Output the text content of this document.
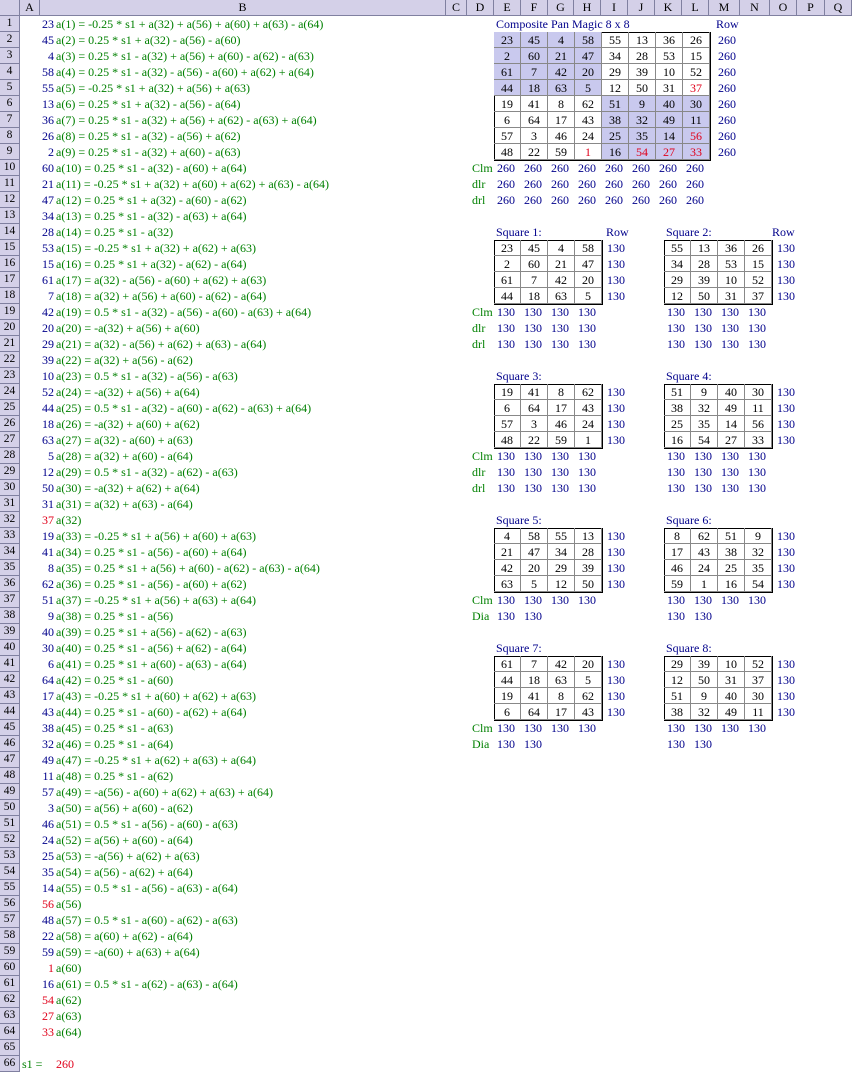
A	B	C	D	E	F	G	H	I	J	K	L	M	N	O	P	Q
1	23 a(1) = -0.25 * s1 + a(32) + a(56) + a(60) + a(63) - a(64)
2	45 a(2) = 0.25 * s1 + a(32) - a(56) - a(60)
3	4 a(3) = 0.25 * s1 - a(32) + a(56) + a(60) - a(62) - a(63)
4	58 a(4) = 0.25 * s1 - a(32) - a(56) - a(60) + a(62) + a(64)
5	55 a(5) = -0.25 * s1 + a(32) + a(56) + a(63)
6	13 a(6) = 0.25 * s1 + a(32) - a(56) - a(64)
7	36 a(7) = 0.25 * s1 - a(32) + a(56) + a(62) - a(63) + a(64)
8	26 a(8) = 0.25 * s1 - a(32) - a(56) + a(62)
9	2 a(9) = 0.25 * s1 - a(32) + a(60) - a(63)
10	60 a(10) = 0.25 * s1 - a(32) - a(60) + a(64)
11	21 a(11) = -0.25 * s1 + a(32) + a(60) + a(62) + a(63) - a(64)
12	47 a(12) = 0.25 * s1 + a(32) - a(60) - a(62)
13	34 a(13) = 0.25 * s1 - a(32) - a(63) + a(64)
14	28 a(14) = 0.25 * s1 - a(32)
15	53 a(15) = -0.25 * s1 + a(32) + a(62) + a(63)
16	15 a(16) = 0.25 * s1 + a(32) - a(62) - a(64)
17	61 a(17) = a(32) - a(56) - a(60) + a(62) + a(63)
18	7 a(18) = a(32) + a(56) + a(60) - a(62) - a(64)
19	42 a(19) = 0.5 * s1 - a(32) - a(56) - a(60) - a(63) + a(64)
20	20 a(20) = -a(32) + a(56) + a(60)
21	29 a(21) = a(32) - a(56) + a(62) + a(63) - a(64)
22	39 a(22) = a(32) + a(56) - a(62)
23	10 a(23) = 0.5 * s1 - a(32) - a(56) - a(63)
24	52 a(24) = -a(32) + a(56) + a(64)
25	44 a(25) = 0.5 * s1 - a(32) - a(60) - a(62) - a(63) + a(64)
26	18 a(26) = -a(32) + a(60) + a(62)
27	63 a(27) = a(32) - a(60) + a(63)
28	5 a(28) = a(32) + a(60) - a(64)
29	12 a(29) = 0.5 * s1 - a(32) - a(62) - a(63)
30	50 a(30) = -a(32) + a(62) + a(64)
31	31 a(31) = a(32) + a(63) - a(64)
32	37 a(32)
33	19 a(33) = -0.25 * s1 + a(56) + a(60) + a(63)
34	41 a(34) = 0.25 * s1 - a(56) - a(60) + a(64)
35	8 a(35) = 0.25 * s1 + a(56) + a(60) - a(62) - a(63) - a(64)
36	62 a(36) = 0.25 * s1 - a(56) - a(60) + a(62)
37	51 a(37) = -0.25 * s1 + a(56) + a(63) + a(64)
38	9 a(38) = 0.25 * s1 - a(56)
39	40 a(39) = 0.25 * s1 + a(56) - a(62) - a(63)
40	30 a(40) = 0.25 * s1 - a(56) + a(62) - a(64)
41	6 a(41) = 0.25 * s1 + a(60) - a(63) - a(64)
42	64 a(42) = 0.25 * s1 - a(60)
43	17 a(43) = -0.25 * s1 + a(60) + a(62) + a(63)
44	43 a(44) = 0.25 * s1 - a(60) - a(62) + a(64)
45	38 a(45) = 0.25 * s1 - a(63)
46	32 a(46) = 0.25 * s1 - a(64)
47	49 a(47) = -0.25 * s1 + a(62) + a(63) + a(64)
48	11 a(48) = 0.25 * s1 - a(62)
49	57 a(49) = -a(56) - a(60) + a(62) + a(63) + a(64)
50	3 a(50) = a(56) + a(60) - a(62)
51	46 a(51) = 0.5 * s1 - a(56) - a(60) - a(63)
52	24 a(52) = a(56) + a(60) - a(64)
53	25 a(53) = -a(56) + a(62) + a(63)
54	35 a(54) = a(56) - a(62) + a(64)
55	14 a(55) = 0.5 * s1 - a(56) - a(63) - a(64)
56	56 a(56)
57	48 a(57) = 0.5 * s1 - a(60) - a(62) - a(63)
58	22 a(58) = a(60) + a(62) - a(64)
59	59 a(59) = -a(60) + a(63) + a(64)
60	1 a(60)
61	16 a(61) = 0.5 * s1 - a(62) - a(63) - a(64)
62	54 a(62)
63	27 a(63)
64	33 a(64)
65
66 s1 = 260
Composite Pan Magic 8 x 8	Row
23	45	4	58	55	13	36	26	260
2	60	21	47	34	28	53	15	260
61	7	42	20	29	39	10	52	260
44	18	63	5	12	50	31	37	260
19	41	8	62	51	9	40	30	260
6	64	17	43	38	32	49	11	260
57	3	46	24	25	35	14	56	260
48	22	59	1	16	54	27	33	260
Clm 260 260 260 260 260 260 260 260
dlr 260 260 260 260 260 260 260 260
drl 260 260 260 260 260 260 260 260
Square 1:	Row
23	45	4	58	130
2	60	21	47	130
61	7	42	20	130
44	18	63	5	130
Clm 130 130 130 130
dlr 130 130 130 130
drl 130 130 130 130
Square 2:	Row
55	13	36	26	130
34	28	53	15	130
29	39	10	52	130
12	50	31	37	130
130 130 130 130
130 130 130 130
130 130 130 130
Square 3:
19	41	8	62	130
6	64	17	43	130
57	3	46	24	130
48	22	59	1	130
Clm 130 130 130 130
dlr 130 130 130 130
drl 130 130 130 130
Square 4:
51	9	40	30	130
38	32	49	11	130
25	35	14	56	130
16	54	27	33	130
130 130 130 130
130 130 130 130
130 130 130 130
Square 5:
4	58	55	13	130
21	47	34	28	130
42	20	29	39	130
63	5	12	50	130
Clm 130 130 130 130
Dia 130 130
Square 6:
8	62	51	9	130
17	43	38	32	130
46	24	25	35	130
59	1	16	54	130
130 130 130 130
130 130
Square 7:
61	7	42	20	130
44	18	63	5	130
19	41	8	62	130
6	64	17	43	130
Clm 130 130 130 130
Dia 130 130
Square 8:
29	39	10	52	130
12	50	31	37	130
51	9	40	30	130
38	32	49	11	130
130 130 130 130
130 130
